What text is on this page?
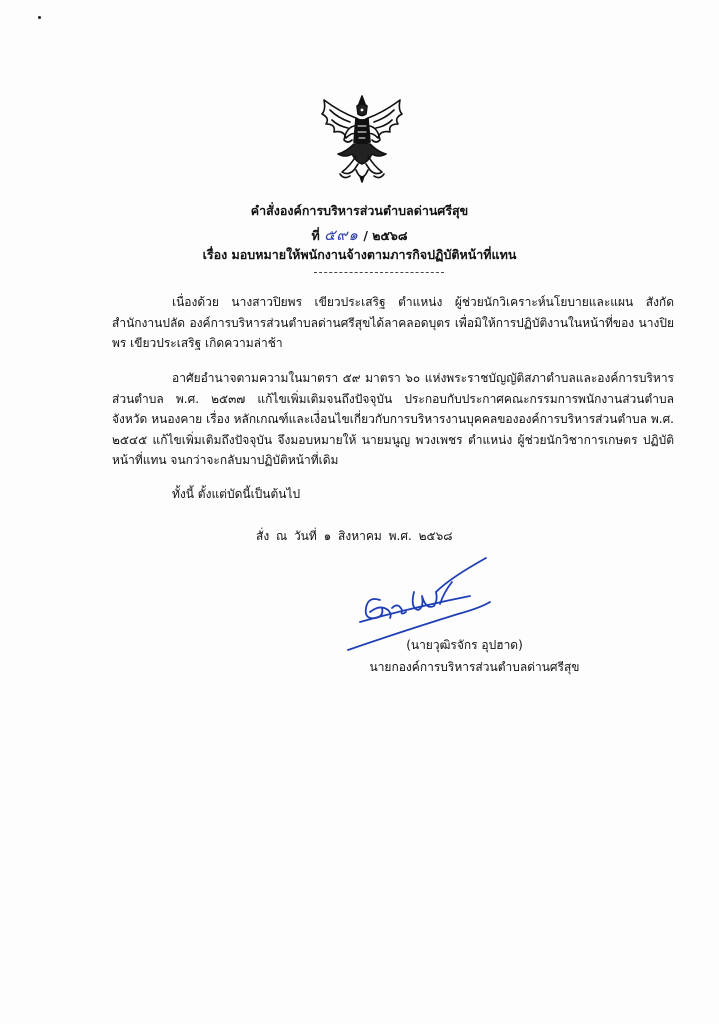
คำสั่งองค์การบริหารส่วนตำบลด่านศรีสุข
ที่ ๕๙๑ / ๒๕๖๘
เรื่อง มอบหมายให้พนักงานจ้างตามภารกิจปฏิบัติหน้าที่แทน
เนื่องด้วย นางสาวปิยพร เขียวประเสริฐ ตำแหน่ง ผู้ช่วยนักวิเคราะห์นโยบายและแผน สังกัด สำนักงานปลัด องค์การบริหารส่วนตำบลด่านศรีสุขได้ลาคลอดบุตร เพื่อมิให้การปฏิบัติงานในหน้าที่ของ นางปิยพร เขียวประเสริฐ เกิดความล่าช้า
อาศัยอำนาจตามความในมาตรา ๕๙ มาตรา ๖๐ แห่งพระราชบัญญัติสภาตำบลและองค์การบริหาร ส่วนตำบล พ.ศ. ๒๕๓๗ แก้ไขเพิ่มเติมจนถึงปัจจุบัน ประกอบกับประกาศคณะกรรมการพนักงานส่วนตำบลจังหวัด หนองคาย เรื่อง หลักเกณฑ์และเงื่อนไขเกี่ยวกับการบริหารงานบุคคลขององค์การบริหารส่วนตำบล พ.ศ. ๒๕๔๕ แก้ไขเพิ่มเติมถึงปัจจุบัน จึงมอบหมายให้ นายมนูญ พวงเพชร ตำแหน่ง ผู้ช่วยนักวิชาการเกษตร ปฏิบัติหน้าที่แทน จนกว่าจะกลับมาปฏิบัติหน้าที่เดิม
ทั้งนี้ ตั้งแต่บัดนี้เป็นต้นไป
สั่ง ณ วันที่ ๑ สิงหาคม พ.ศ. ๒๕๖๘
(นายวุฒิรจักร อุปฮาด)
นายกองค์การบริหารส่วนตำบลด่านศรีสุข
